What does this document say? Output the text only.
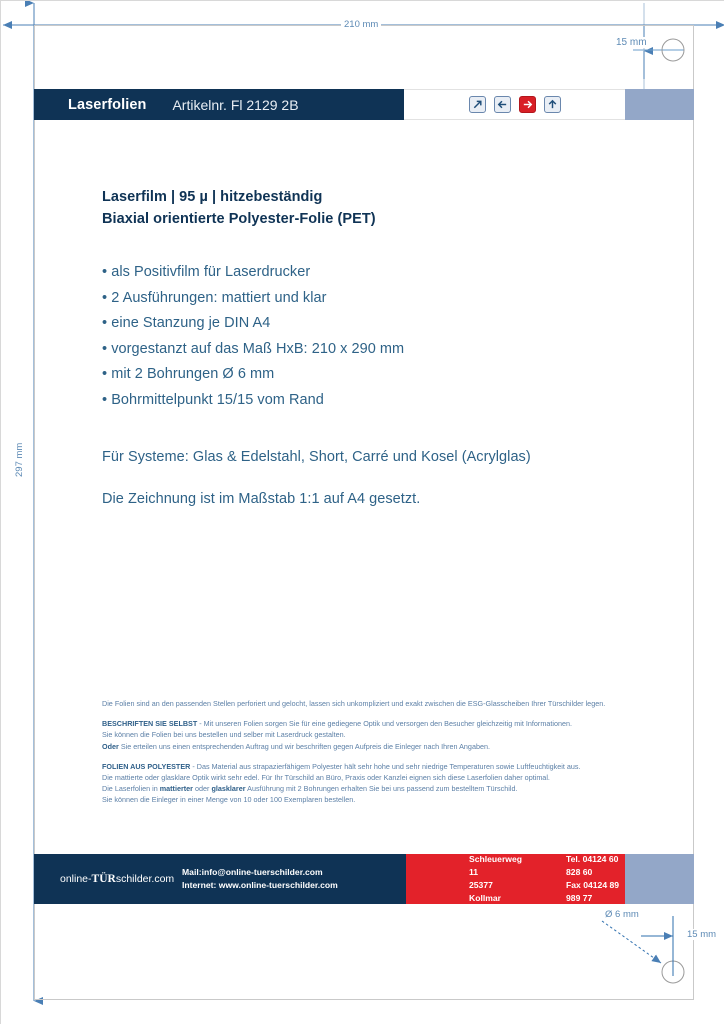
210 mm
15 mm
297 mm
Ø 6 mm
15 mm
Laserfolien Artikelnr. Fl 2129 2B
Laserfilm | 95 µ | hitzebeständig
Biaxial orientierte Polyester-Folie (PET)
• als Positivfilm für Laserdrucker
• 2 Ausführungen: mattiert und klar
• eine Stanzung je DIN A4
• vorgestanzt auf das Maß HxB: 210 x 290 mm
• mit 2 Bohrungen Ø 6 mm
• Bohrmittelpunkt 15/15 vom Rand
Für Systeme: Glas & Edelstahl, Short, Carré und Kosel (Acrylglas)
Die Zeichnung ist im Maßstab 1:1 auf A4 gesetzt.
Die Folien sind an den passenden Stellen perforiert und gelocht, lassen sich unkompliziert und exakt zwischen die ESG-Glasscheiben Ihrer Türschilder legen.
BESCHRIFTEN SIE SELBST - Mit unseren Folien sorgen Sie für eine gediegene Optik und versorgen den Besucher gleichzeitig mit Informationen.
Sie können die Folien bei uns bestellen und selber mit Laserdruck gestalten.
Oder Sie erteilen uns einen entsprechenden Auftrag und wir beschriften gegen Aufpreis die Einleger nach Ihren Angaben.
FOLIEN AUS POLYESTER - Das Material aus strapazierfähigem Polyester hält sehr hohe und sehr niedrige Temperaturen sowie Luftfeuchtigkeit aus.
Die mattierte oder glasklare Optik wirkt sehr edel. Für Ihr Türschild an Büro, Praxis oder Kanzlei eignen sich diese Laserfolien daher optimal.
Die Laserfolien in mattierter oder glasklarer Ausführung mit 2 Bohrungen erhalten Sie bei uns passend zum bestelltem Türschild.
Sie können die Einleger in einer Menge von 10 oder 100 Exemplaren bestellen.
online-TÜRschilder.com
Mail:info@online-tuerschilder.com
Internet: www.online-tuerschilder.com
Schleuerweg 11
25377 Kollmar
Tel. 04124 60 828 60
Fax 04124 89 989 77
